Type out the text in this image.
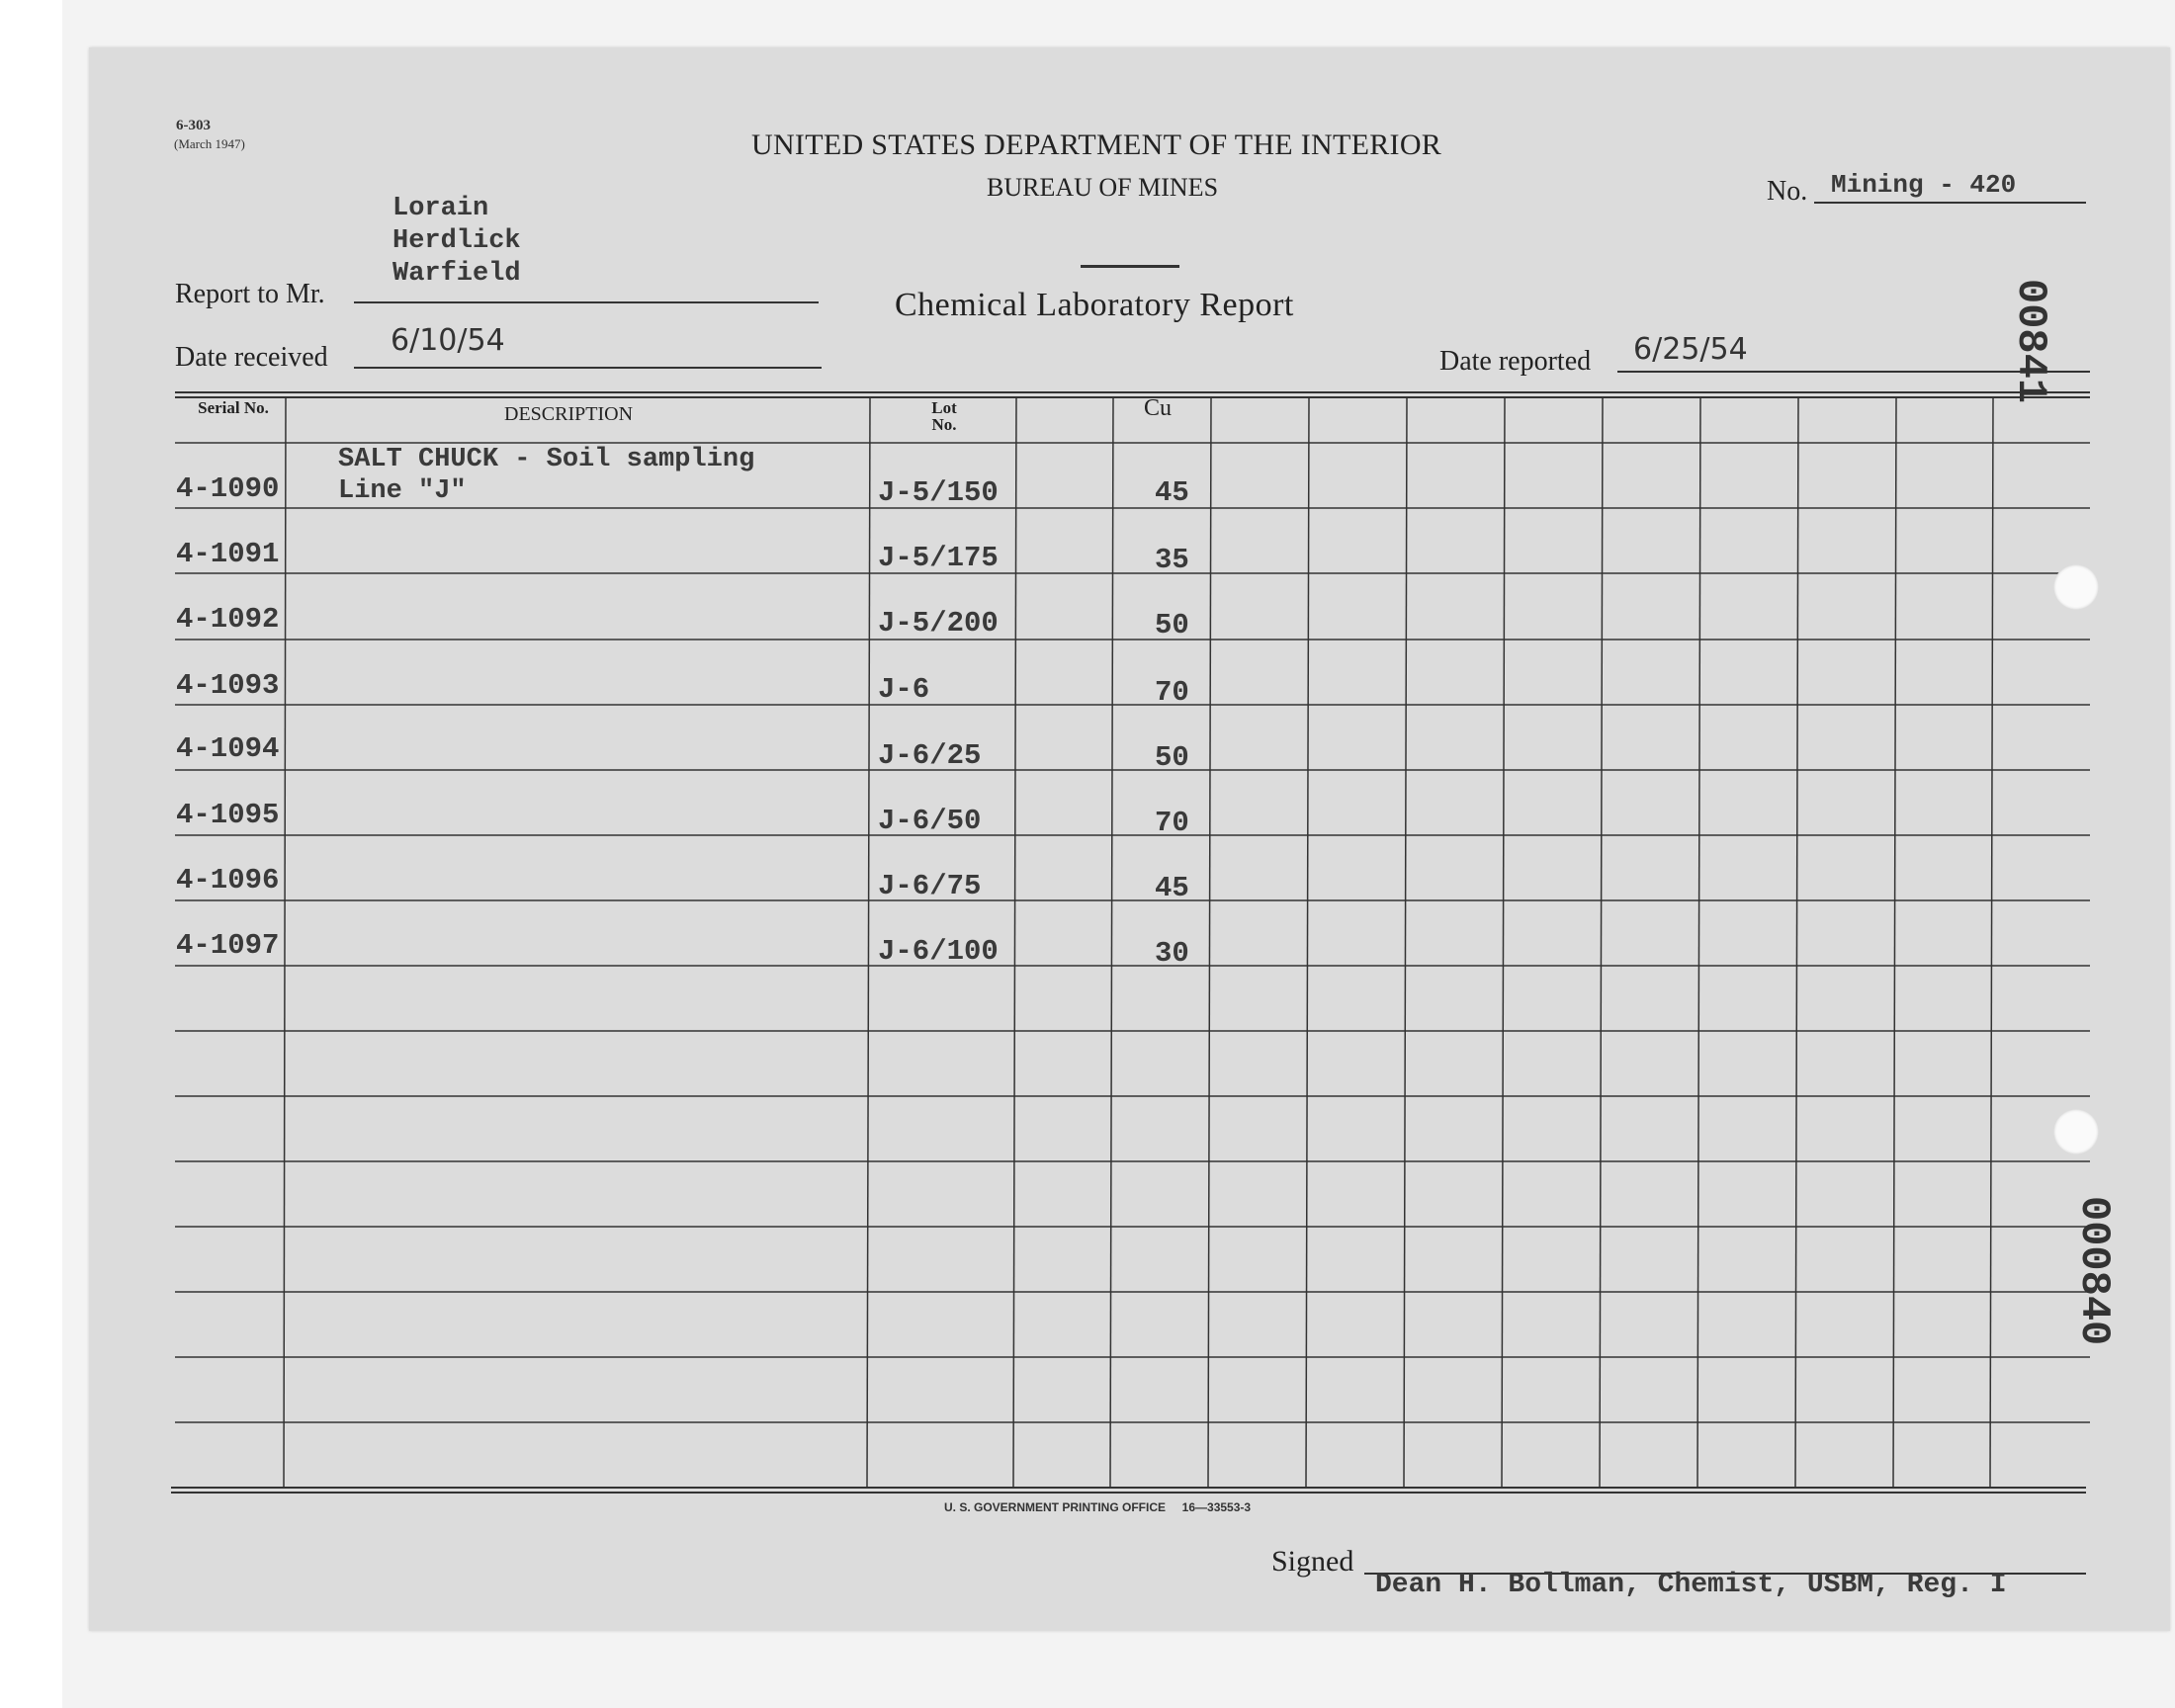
6-303
(March 1947)	UNITED STATES DEPARTMENT OF THE INTERIOR
BUREAU OF MINES
Chemical Laboratory Report
No. Mining - 420
Lorain
Herdlick
Warfield
Report to Mr.
Date received 6/10/54
Date reported 6/25/54
Serial No.	DESCRIPTION	Lot No.
Cu
SALT CHUCK - Soil sampling
Line "J"
4-1090	J-5/150	45
4-1091	J-5/175	35
4-1092	J-5/200	50
4-1093	J-6	70
4-1094	J-6/25	50
4-1095	J-6/50	70
4-1096	J-6/75	45
4-1097	J-6/100	30
00841
000840
U. S. GOVERNMENT PRINTING OFFICE     16—33553-3
Signed
Dean H. Bollman, Chemist, USBM, Reg. I
